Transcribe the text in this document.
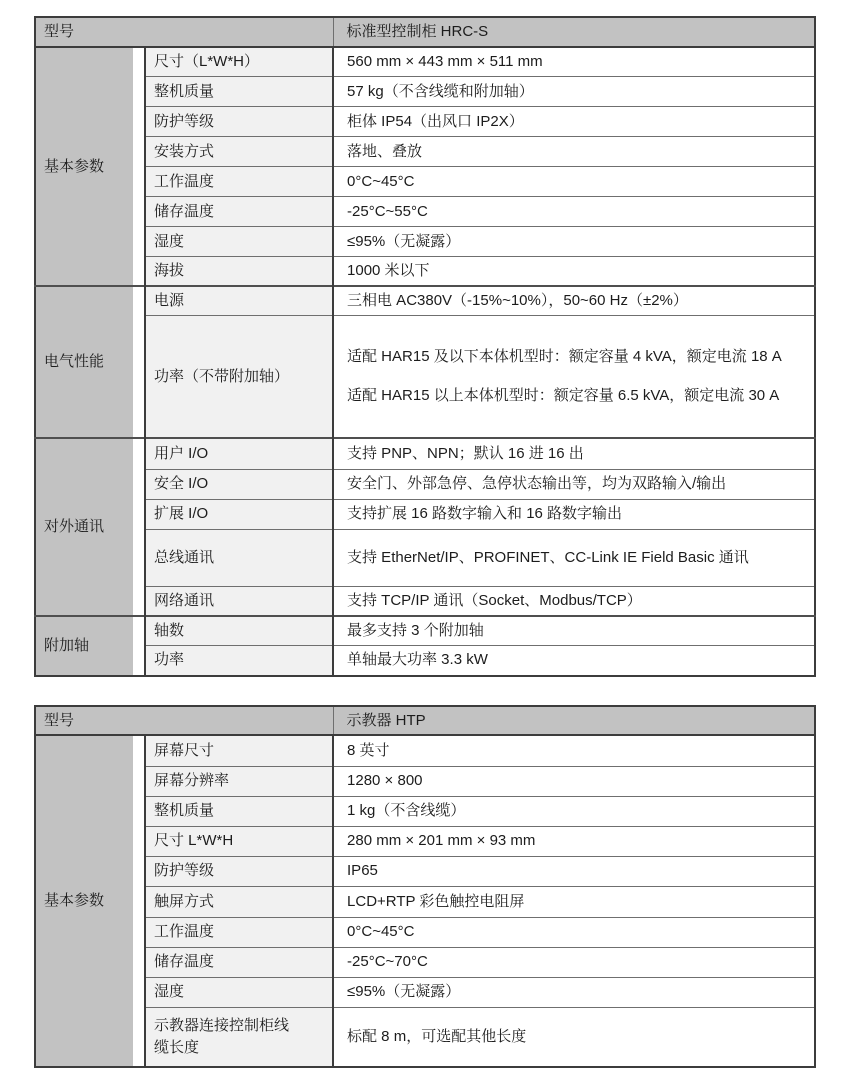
型号		标准型控制柜 HRC-S
基本参数	尺寸（L*W*H）	560 mm × 443 mm × 511 mm
	整机质量	57 kg（不含线缆和附加轴）
	防护等级	柜体 IP54（出风口 IP2X）
	安装方式	落地、叠放
	工作温度	0°C~45°C
	储存温度	-25°C~55°C
	湿度	≤95%（无凝露）
	海拔	1000 米以下
电气性能	电源	三相电 AC380V（-15%~10%），50~60 Hz（±2%）
	功率（不带附加轴）	适配 HAR15 及以下本体机型时：额定容量 4 kVA，额定电流 18 A

适配 HAR15 以上本体机型时：额定容量 6.5 kVA，额定电流 30 A

对外通讯	用户 I/O	支持 PNP、NPN；默认 16 进 16 出
	安全 I/O	安全门、外部急停、急停状态输出等，均为双路输入/输出
	扩展 I/O	支持扩展 16 路数字输入和 16 路数字输出
	总线通讯	支持 EtherNet/IP、PROFINET、CC-Link IE Field Basic 通讯
	网络通讯	支持 TCP/IP 通讯（Socket、Modbus/TCP）
附加轴	轴数	最多支持 3 个附加轴
	功率	单轴最大功率 3.3 kW
型号		示教器 HTP
基本参数	屏幕尺寸	8 英寸
	屏幕分辨率	1280 × 800
	整机质量	1 kg（不含线缆）
	尺寸 L*W*H	280 mm × 201 mm × 93 mm
	防护等级	IP65
	触屏方式	LCD+RTP 彩色触控电阻屏
	工作温度	0°C~45°C
	储存温度	-25°C~70°C
	湿度	≤95%（无凝露）
	示教器连接控制柜线缆长度	标配 8 m，可选配其他长度
